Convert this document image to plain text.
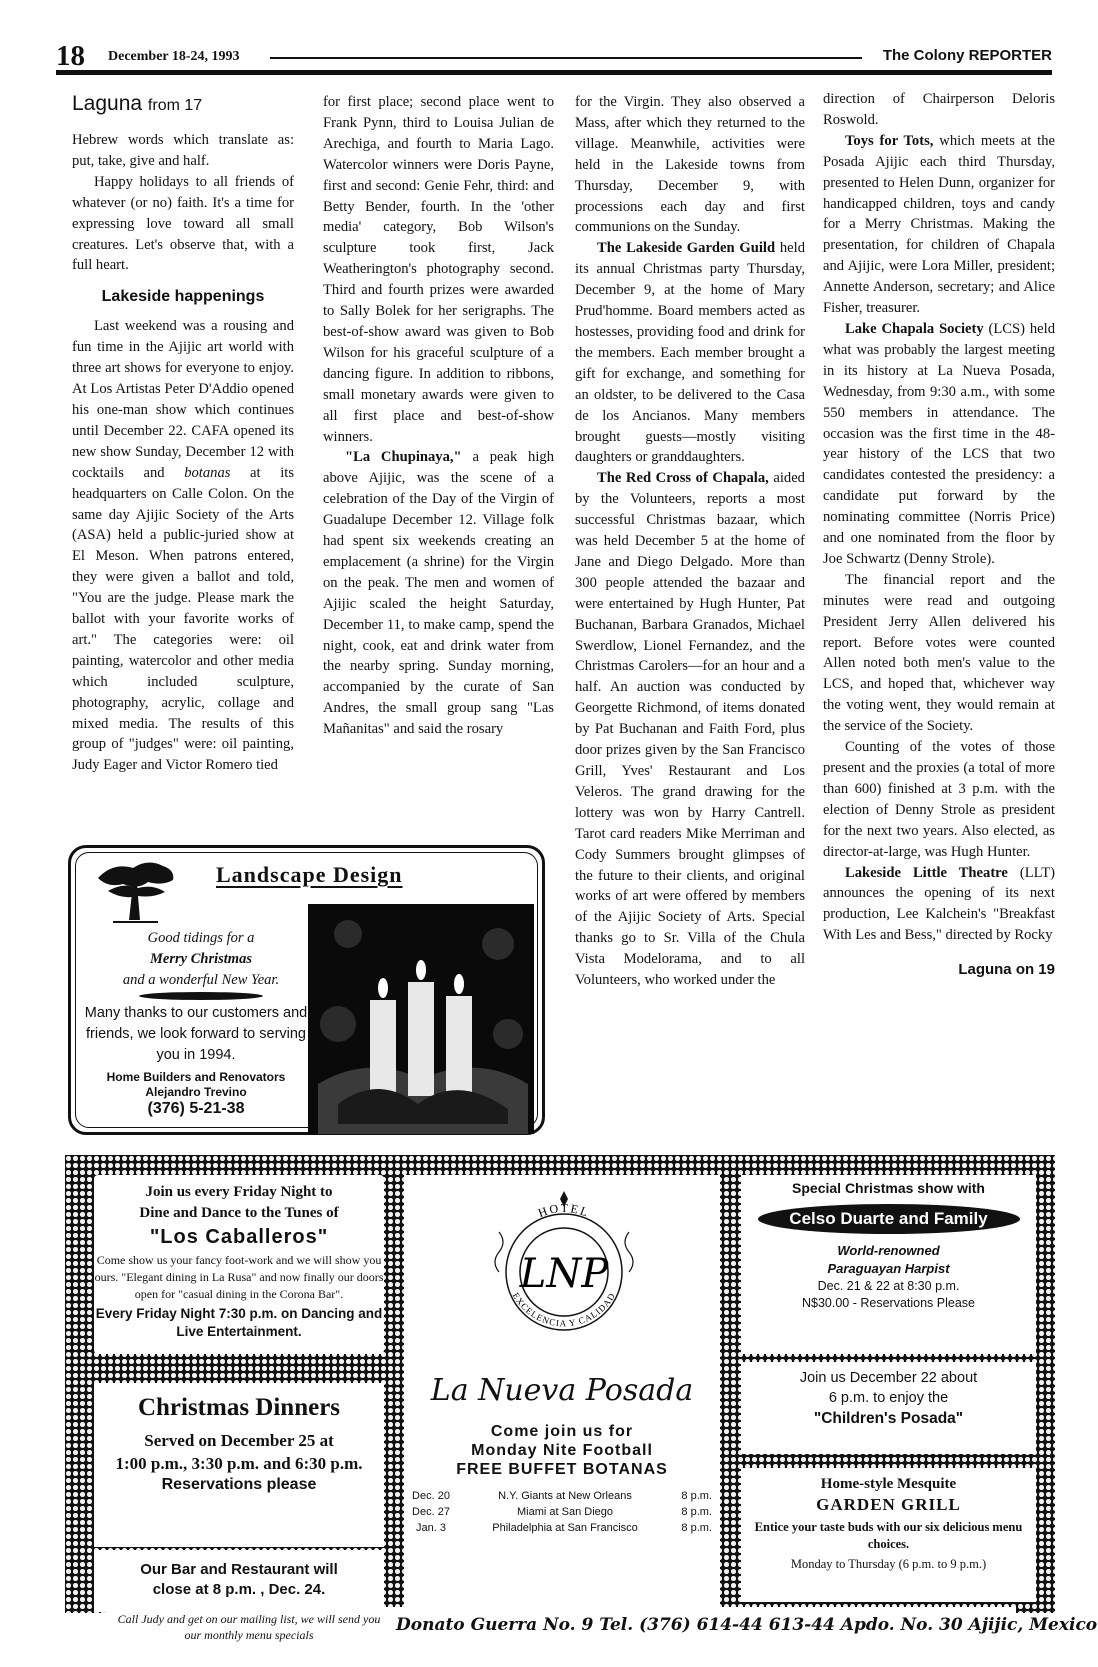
18 December 18-24, 1993	The Colony REPORTER
Laguna from 17

Hebrew words which translate as: put, take, give and half.

Happy holidays to all friends of whatever (or no) faith. It's a time for expressing love toward all small creatures. Let's observe that, with a full heart.

Lakeside happenings

Last weekend was a rousing and fun time in the Ajijic art world with three art shows for everyone to enjoy. At Los Artistas Peter D'Addio opened his one-man show which continues until December 22. CAFA opened its new show Sunday, December 12 with cocktails and botanas at its headquarters on Calle Colon. On the same day Ajijic Society of the Arts (ASA) held a public-juried show at El Meson. When patrons entered, they were given a ballot and told, "You are the judge. Please mark the ballot with your favorite works of art." The categories were: oil painting, watercolor and other media which included sculpture, photography, acrylic, collage and mixed media. The results of this group of "judges" were: oil painting, Judy Eager and Victor Romero tied

for first place; second place went to Frank Pynn, third to Louisa Julian de Arechiga, and fourth to Maria Lago. Watercolor winners were Doris Payne, first and second: Genie Fehr, third: and Betty Bender, fourth. In the 'other media' category, Bob Wilson's sculpture took first, Jack Weatherington's photography second. Third and fourth prizes were awarded to Sally Bolek for her serigraphs. The best-of-show award was given to Bob Wilson for his graceful sculpture of a dancing figure. In addition to ribbons, small monetary awards were given to all first place and best-of-show winners.

"La Chupinaya," a peak high above Ajijic, was the scene of a celebration of the Day of the Virgin of Guadalupe December 12. Village folk had spent six weekends creating an emplacement (a shrine) for the Virgin on the peak. The men and women of Ajijic scaled the height Saturday, December 11, to make camp, spend the night, cook, eat and drink water from the nearby spring. Sunday morning, accompanied by the curate of San Andres, the small group sang "Las Mañanitas" and said the rosary

for the Virgin. They also observed a Mass, after which they returned to the village. Meanwhile, activities were held in the Lakeside towns from Thursday, December 9, with processions each day and first communions on the Sunday.

The Lakeside Garden Guild held its annual Christmas party Thursday, December 9, at the home of Mary Prud'homme. Board members acted as hostesses, providing food and drink for the members. Each member brought a gift for exchange, and something for an oldster, to be delivered to the Casa de los Ancianos. Many members brought guests—mostly visiting daughters or granddaughters.

The Red Cross of Chapala, aided by the Volunteers, reports a most successful Christmas bazaar, which was held December 5 at the home of Jane and Diego Delgado. More than 300 people attended the bazaar and were entertained by Hugh Hunter, Pat Buchanan, Barbara Granados, Michael Swerdlow, Lionel Fernandez, and the Christmas Carolers—for an hour and a half. An auction was conducted by Georgette Richmond, of items donated by Pat Buchanan and Faith Ford, plus door prizes given by the San Francisco Grill, Yves' Restaurant and Los Veleros. The grand drawing for the lottery was won by Harry Cantrell. Tarot card readers Mike Merriman and Cody Summers brought glimpses of the future to their clients, and original works of art were offered by members of the Ajijic Society of Arts. Special thanks go to Sr. Villa of the Chula Vista Modelorama, and to all Volunteers, who worked under the

direction of Chairperson Deloris Roswold.

Toys for Tots, which meets at the Posada Ajijic each third Thursday, presented to Helen Dunn, organizer for handicapped children, toys and candy for a Merry Christmas. Making the presentation, for children of Chapala and Ajijic, were Lora Miller, president; Annette Anderson, secretary; and Alice Fisher, treasurer.

Lake Chapala Society (LCS) held what was probably the largest meeting in its history at La Nueva Posada, Wednesday, from 9:30 a.m., with some 550 members in attendance. The occasion was the first time in the 48-year history of the LCS that two candidates contested the presidency: a candidate put forward by the nominating committee (Norris Price) and one nominated from the floor by Joe Schwartz (Denny Strole).

The financial report and the minutes were read and outgoing President Jerry Allen delivered his report. Before votes were counted Allen noted both men's value to the LCS, and hoped that, whichever way the voting went, they would remain at the service of the Society.

Counting of the votes of those present and the proxies (a total of more than 600) finished at 3 p.m. with the election of Denny Strole as president for the next two years. Also elected, as director-at-large, was Hugh Hunter.

Lakeside Little Theatre (LLT) announces the opening of its next production, Lee Kalchein's "Breakfast With Les and Bess," directed by Rocky

Laguna on 19
Landscape Design
Good tidings for a
Merry Christmas
and a wonderful New Year.
Many thanks to our customers and friends, we look forward to serving you in 1994.
Home Builders and Renovators
Alejandro Trevino
(376) 5-21-38
Join us every Friday Night to
Dine and Dance to the Tunes of
"Los Caballeros"
Come show us your fancy foot-work and we will show you ours. "Elegant dining in La Rusa" and now finally our doors open for "casual dining in the Corona Bar".
Every Friday Night 7:30 p.m. on Dancing and Live Entertainment.
Christmas Dinners
Served on December 25 at
1:00 p.m., 3:30 p.m. and 6:30 p.m.
Reservations please
Our Bar and Restaurant will
close at 8 p.m. , Dec. 24.
HOTEL
EXCELENCIA Y CALIDAD
LNP
La Nueva Posada
Come join us for
Monday Nite Football
FREE BUFFET BOTANAS
Dec. 20	N.Y. Giants at New Orleans	8 p.m.
Dec. 27	Miami at San Diego	8 p.m.
Jan. 3	Philadelphia at San Francisco	8 p.m.
Special Christmas show with
Celso Duarte and Family
World-renowned
Paraguayan Harpist
Dec. 21 & 22 at 8:30 p.m.
N$30.00 - Reservations Please
Join us December 22 about
6 p.m. to enjoy the
"Children's Posada"
Home-style Mesquite
GARDEN GRILL
Entice your taste buds with our six delicious menu choices.
Monday to Thursday (6 p.m. to 9 p.m.)
Call Judy and get on our mailing list, we will send you our monthly menu specials	Donato Guerra No. 9 Tel. (376) 614-44 613-44 Apdo. No. 30 Ajijic, Mexico
